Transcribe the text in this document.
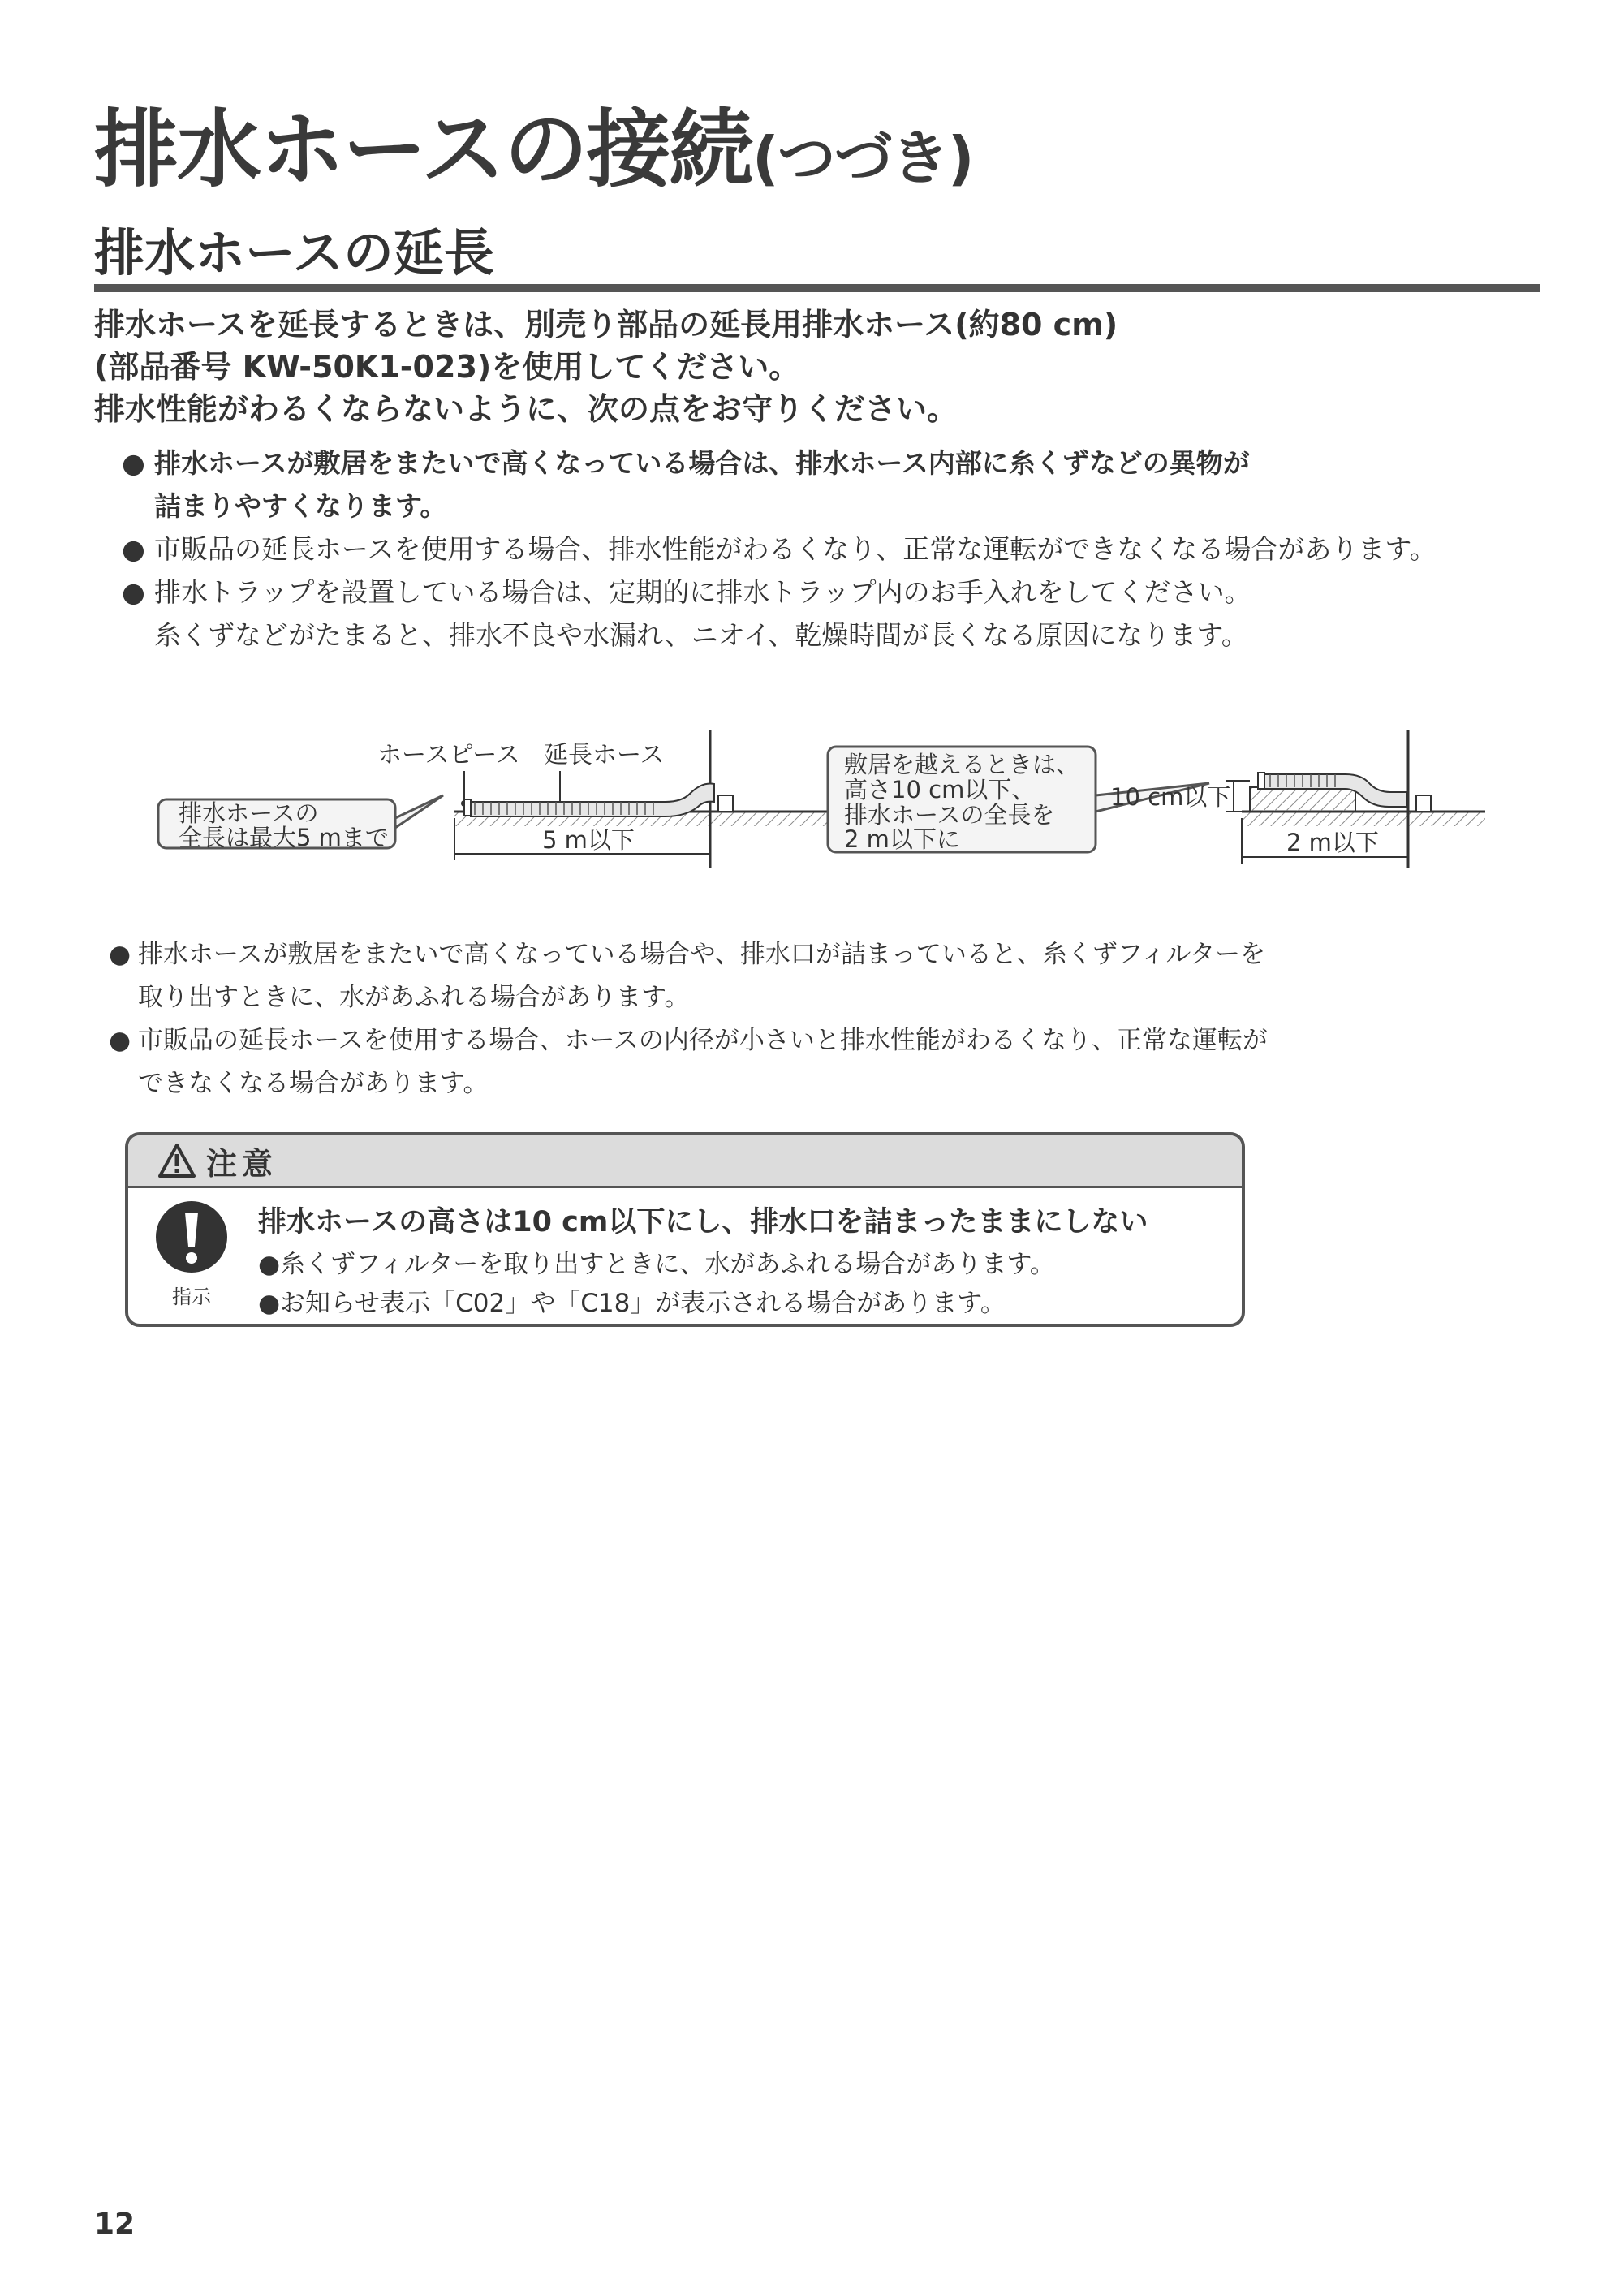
排水ホースの接続(つづき)
排水ホースの延長
排水ホースを延長するときは、別売り部品の延長用排水ホース(約80 cm)
(部品番号 KW-50K1-023)を使用してください。
排水性能がわるくならないように、次の点をお守りください。
● 排水ホースが敷居をまたいで高くなっている場合は、排水ホース内部に糸くずなどの異物が
詰まりやすくなります。
● 市販品の延長ホースを使用する場合、排水性能がわるくなり、正常な運転ができなくなる場合があります。
● 排水トラップを設置している場合は、定期的に排水トラップ内のお手入れをしてください。
糸くずなどがたまると、排水不良や水漏れ、ニオイ、乾燥時間が長くなる原因になります。
排水ホースの
全長は最大5 mまで
ホースピース 延長ホース
5 m以下
敷居を越えるときは、
高さ10 cm以下、
排水ホースの全長を
2 m以下に
10 cm以下
2 m以下
● 排水ホースが敷居をまたいで高くなっている場合や、排水口が詰まっていると、糸くずフィルターを
取り出すときに、水があふれる場合があります。
● 市販品の延長ホースを使用する場合、ホースの内径が小さいと排水性能がわるくなり、正常な運転が
できなくなる場合があります。
注意
指示
排水ホースの高さは10 cm以下にし、排水口を詰まったままにしない
●糸くずフィルターを取り出すときに、水があふれる場合があります。
●お知らせ表示「C02」や「C18」が表示される場合があります。
12
